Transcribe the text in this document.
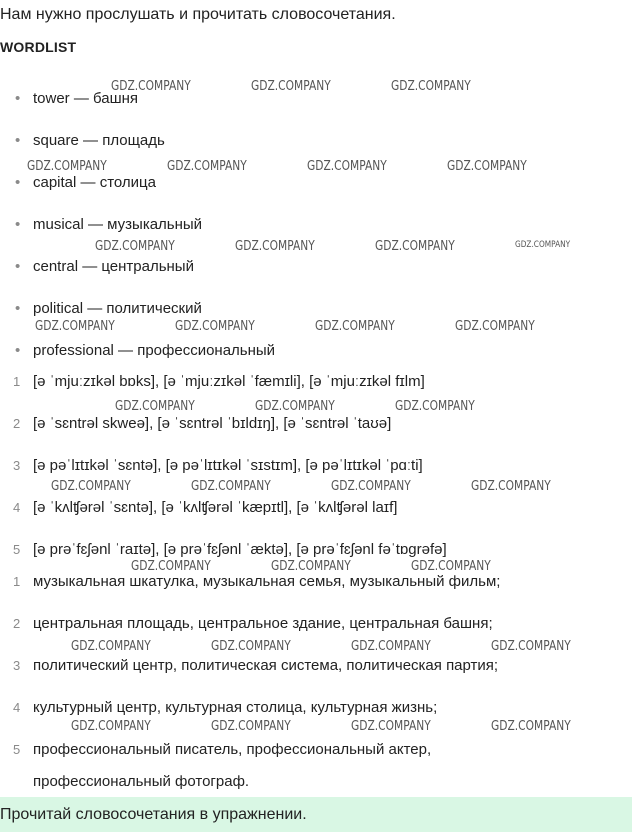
Нам нужно прослушать и прочитать словосочетания.

WORDLIST
• tower — башня
• square — площадь
• capital — столица
• musical — музыкальный
• central — центральный
• political — политический
• professional — профессиональный
1 [ə ˈmjuːzɪkəl bɒks], [ə ˈmjuːzɪkəl ˈfæmɪli], [ə ˈmjuːzɪkəl fɪlm]
2 [ə ˈsɛntrəl skweə], [ə ˈsɛntrəl ˈbɪldɪŋ], [ə ˈsɛntrəl ˈtaʊə]
3 [ə pəˈlɪtɪkəl ˈsɛntə], [ə pəˈlɪtɪkəl ˈsɪstɪm], [ə pəˈlɪtɪkəl ˈpɑːti]
4 [ə ˈkʌlʧərəl ˈsɛntə], [ə ˈkʌlʧərəl ˈkæpɪtl], [ə ˈkʌlʧərəl laɪf]
5 [ə prəˈfɛʃənl ˈraɪtə], [ə prəˈfɛʃənl ˈæktə], [ə prəˈfɛʃənl fəˈtɒgrəfə]
1 музыкальная шкатулка, музыкальная семья, музыкальный фильм;
2 центральная площадь, центральное здание, центральная башня;
3 политический центр, политическая система, политическая партия;
4 культурный центр, культурная столица, культурная жизнь;
5 профессиональный писатель, профессиональный актер,
профессиональный фотограф.
Прочитай словосочетания в упражнении.
GDZ.COMPANY	GDZ.COMPANY	GDZ.COMPANY
GDZ.COMPANY	GDZ.COMPANY	GDZ.COMPANY	GDZ.COMPANY
GDZ.COMPANY	GDZ.COMPANY	GDZ.COMPANY	GDZ.COMPANY
GDZ.COMPANY	GDZ.COMPANY	GDZ.COMPANY	GDZ.COMPANY
GDZ.COMPANY	GDZ.COMPANY	GDZ.COMPANY
GDZ.COMPANY	GDZ.COMPANY	GDZ.COMPANY	GDZ.COMPANY
GDZ.COMPANY	GDZ.COMPANY	GDZ.COMPANY
GDZ.COMPANY	GDZ.COMPANY	GDZ.COMPANY	GDZ.COMPANY
GDZ.COMPANY	GDZ.COMPANY	GDZ.COMPANY	GDZ.COMPANY
